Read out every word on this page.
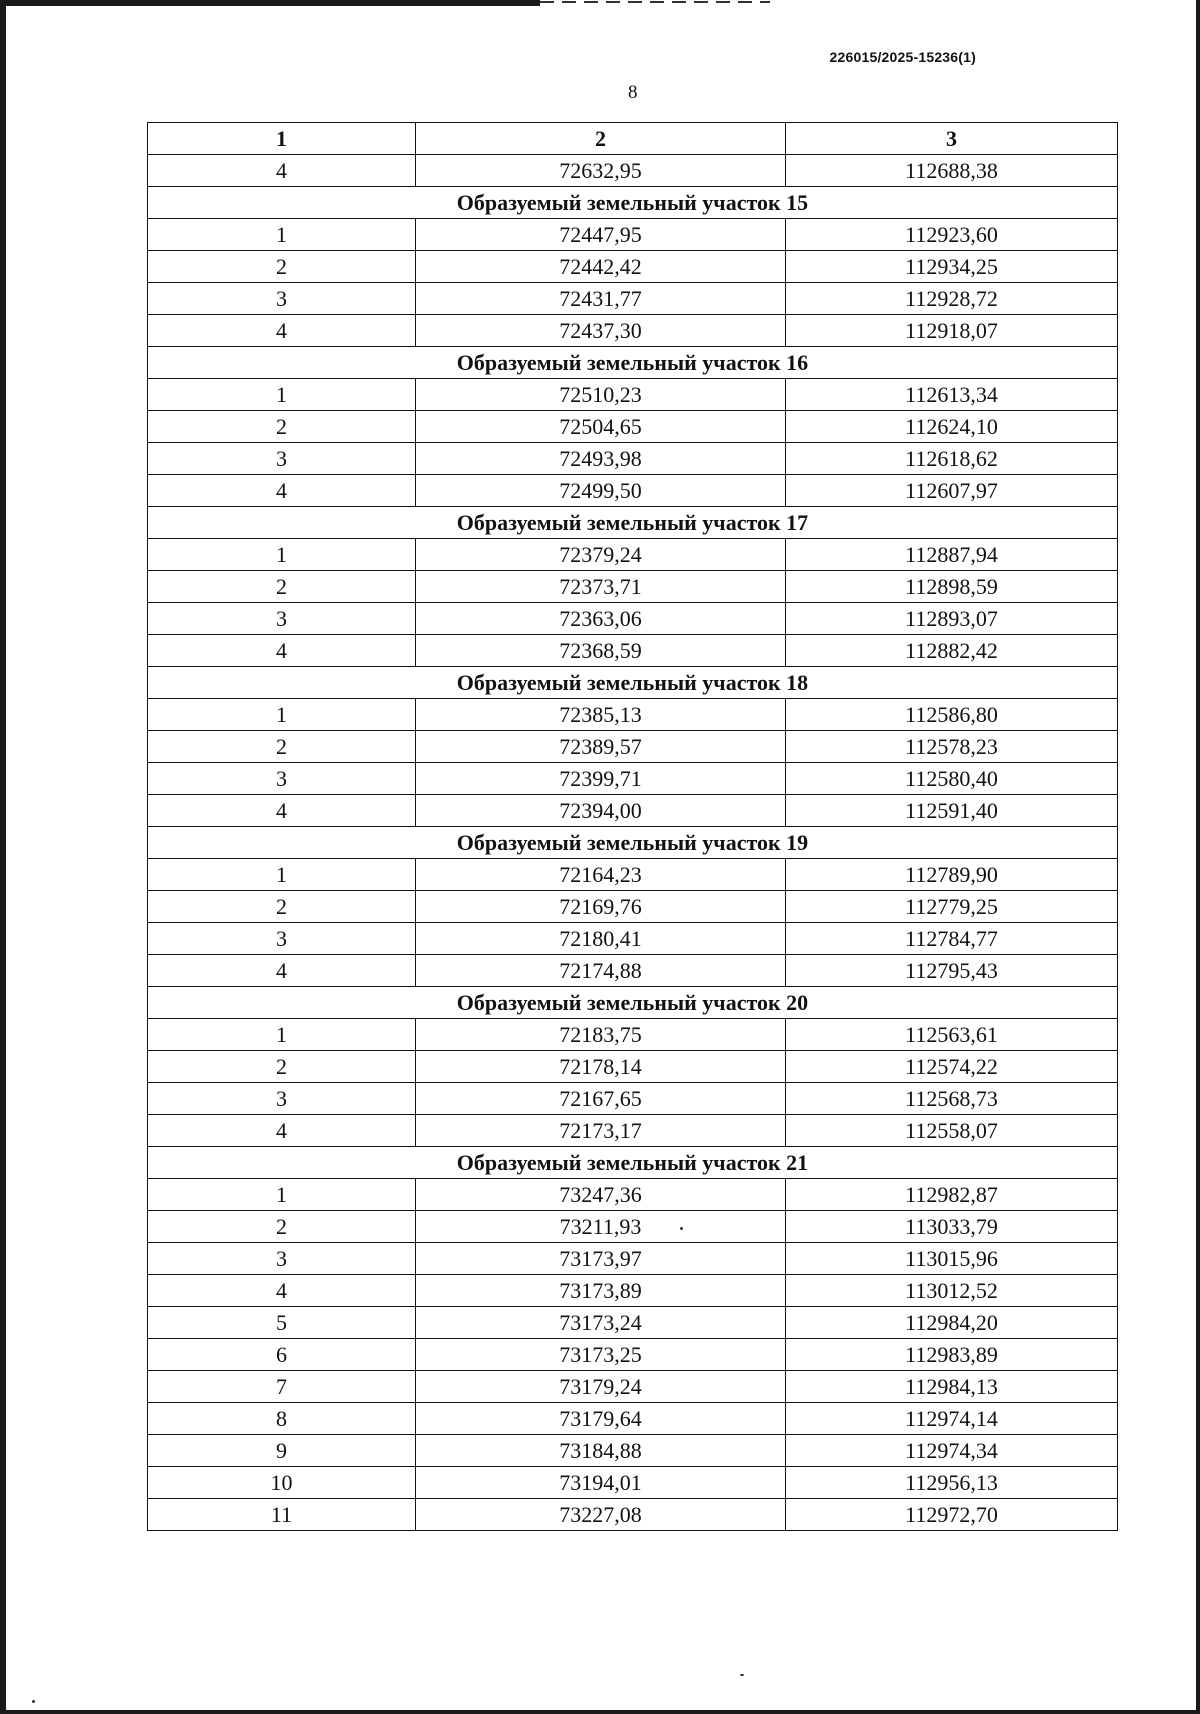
226015/2025-15236(1)
8
1	2	3
4	72632,95	112688,38
Образуемый земельный участок 15		
1	72447,95	112923,60
2	72442,42	112934,25
3	72431,77	112928,72
4	72437,30	112918,07
Образуемый земельный участок 16		
1	72510,23	112613,34
2	72504,65	112624,10
3	72493,98	112618,62
4	72499,50	112607,97
Образуемый земельный участок 17		
1	72379,24	112887,94
2	72373,71	112898,59
3	72363,06	112893,07
4	72368,59	112882,42
Образуемый земельный участок 18		
1	72385,13	112586,80
2	72389,57	112578,23
3	72399,71	112580,40
4	72394,00	112591,40
Образуемый земельный участок 19		
1	72164,23	112789,90
2	72169,76	112779,25
3	72180,41	112784,77
4	72174,88	112795,43
Образуемый земельный участок 20		
1	72183,75	112563,61
2	72178,14	112574,22
3	72167,65	112568,73
4	72173,17	112558,07
Образуемый земельный участок 21		
1	73247,36	112982,87
2	73211,93	113033,79
3	73173,97	113015,96
4	73173,89	113012,52
5	73173,24	112984,20
6	73173,25	112983,89
7	73179,24	112984,13
8	73179,64	112974,14
9	73184,88	112974,34
10	73194,01	112956,13
11	73227,08	112972,70
